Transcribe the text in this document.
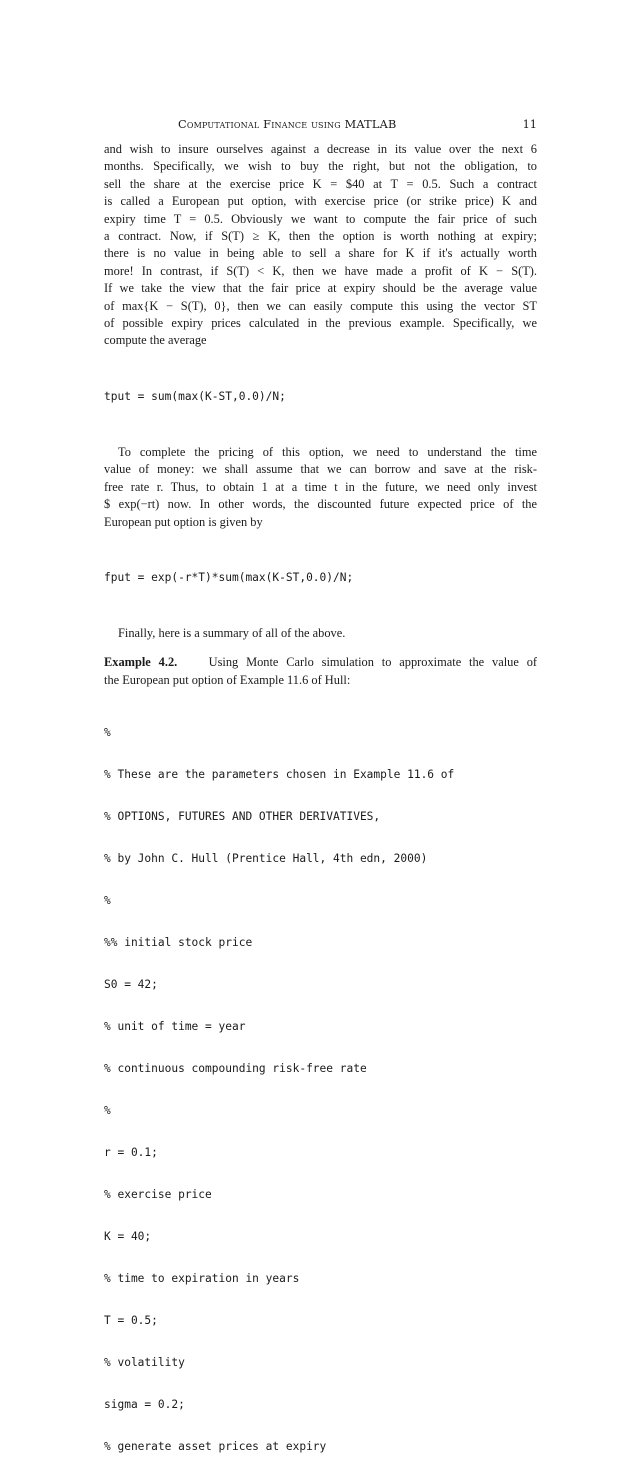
Computational Finance using MATLAB	11

and wish to insure ourselves against a decrease in its value over the next 6
months. Specifically, we wish to buy the right, but not the obligation, to
sell the share at the exercise price K = $40 at T = 0.5. Such a contract
is called a European put option, with exercise price (or strike price) K and
expiry time T = 0.5. Obviously we want to compute the fair price of such
a contract. Now, if S(T) ≥ K, then the option is worth nothing at expiry;
there is no value in being able to sell a share for K if it's actually worth
more! In contrast, if S(T) < K, then we have made a profit of K − S(T).
If we take the view that the fair price at expiry should be the average value
of max{K − S(T), 0}, then we can easily compute this using the vector ST
of possible expiry prices calculated in the previous example. Specifically, we
compute the average

tput = sum(max(K-ST,0.0)/N;

To complete the pricing of this option, we need to understand the time
value of money: we shall assume that we can borrow and save at the risk-
free rate r. Thus, to obtain 1 at a time t in the future, we need only invest
$ exp(−rt) now. In other words, the discounted future expected price of the
European put option is given by

fput = exp(-r*T)*sum(max(K-ST,0.0)/N;

Finally, here is a summary of all of the above.

Example 4.2.	Using Monte Carlo simulation to approximate the value of
the European put option of Example 11.6 of Hull:

%

% These are the parameters chosen in Example 11.6 of

% OPTIONS, FUTURES AND OTHER DERIVATIVES,

% by John C. Hull (Prentice Hall, 4th edn, 2000)

%

%% initial stock price

S0 = 42;

% unit of time = year

% continuous compounding risk-free rate

%

r = 0.1;

% exercise price

K = 40;

% time to expiration in years

T = 0.5;

% volatility

sigma = 0.2;

% generate asset prices at expiry
